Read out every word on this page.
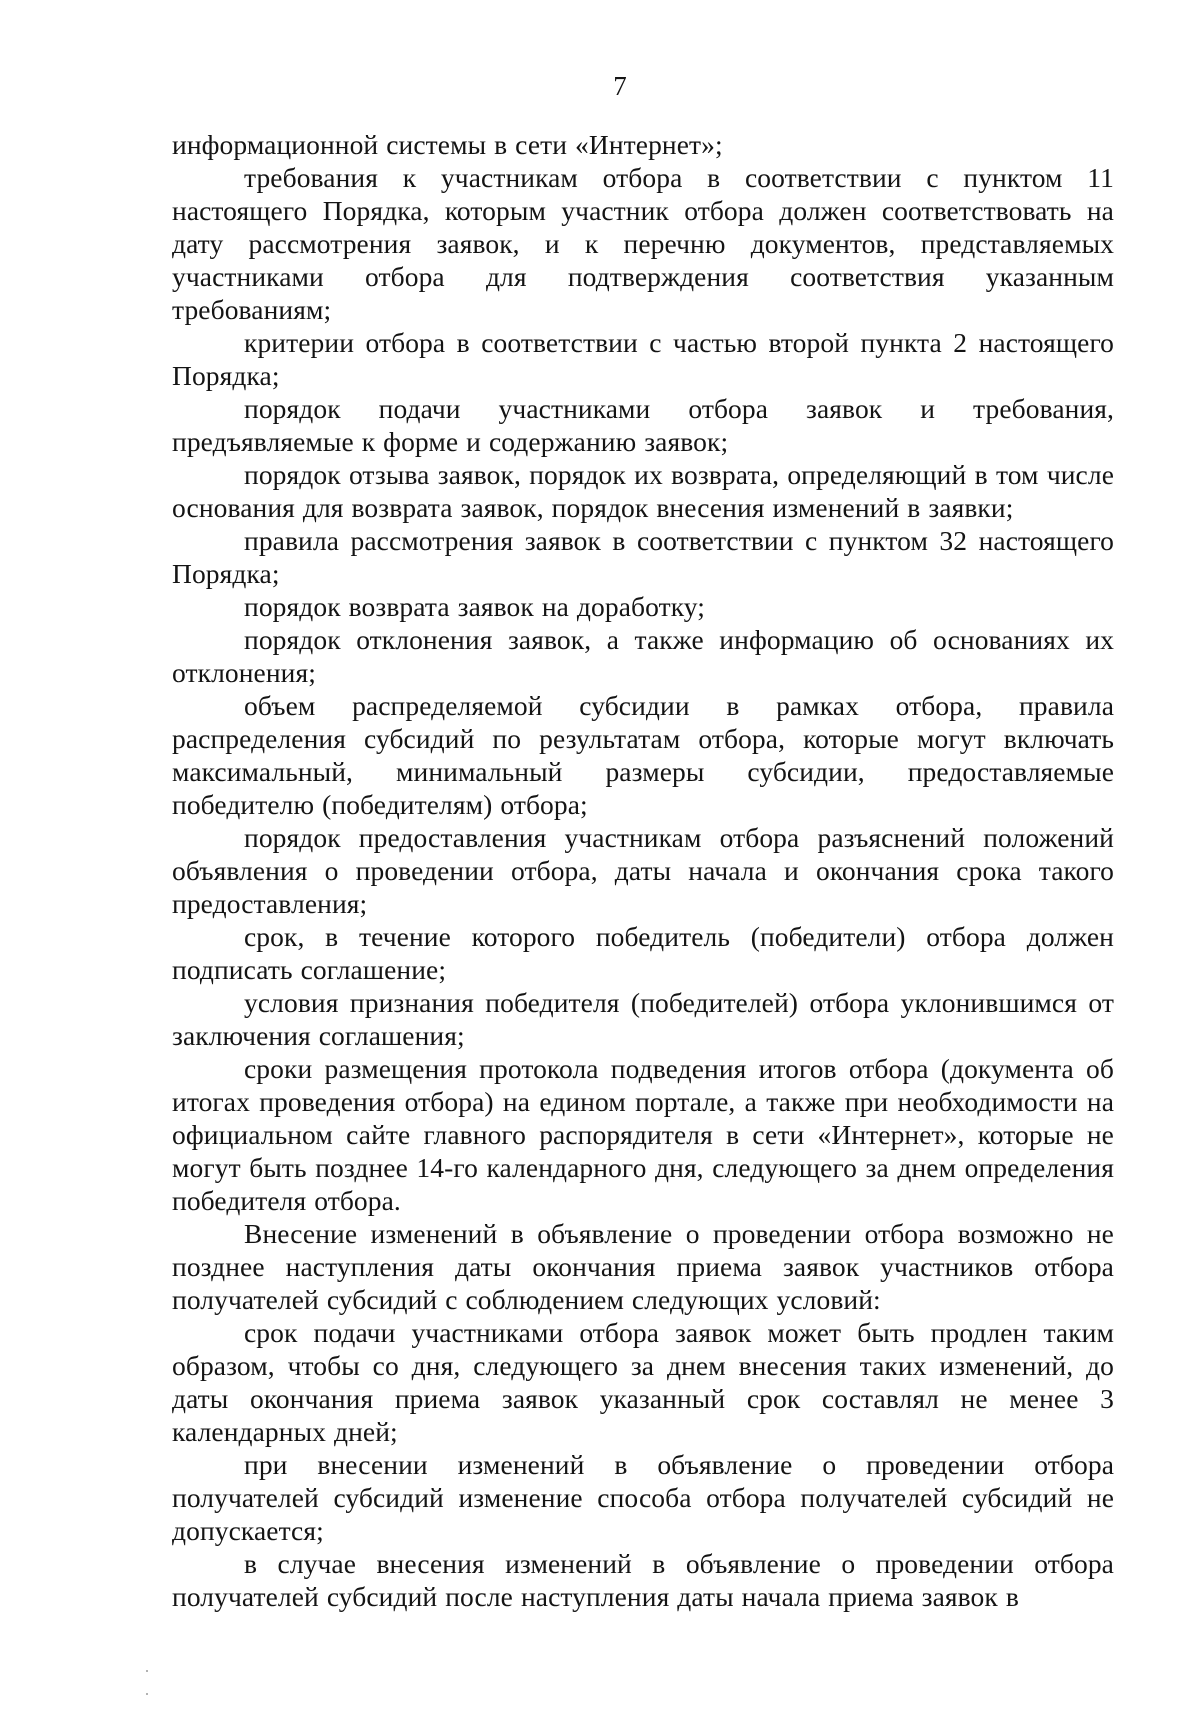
7

информационной системы в сети «Интернет»;

требования к участникам отбора в соответствии с пунктом 11 настоящего Порядка, которым участник отбора должен соответствовать на дату рассмотрения заявок, и к перечню документов, представляемых участниками отбора для подтверждения соответствия указанным требованиям;

критерии отбора в соответствии с частью второй пункта 2 настоящего Порядка;

порядок подачи участниками отбора заявок и требования, предъявляемые к форме и содержанию заявок;

порядок отзыва заявок, порядок их возврата, определяющий в том числе основания для возврата заявок, порядок внесения изменений в заявки;

правила рассмотрения заявок в соответствии с пунктом 32 настоящего Порядка;

порядок возврата заявок на доработку;

порядок отклонения заявок, а также информацию об основаниях их отклонения;

объем распределяемой субсидии в рамках отбора, правила распределения субсидий по результатам отбора, которые могут включать максимальный, минимальный размеры субсидии, предоставляемые победителю (победителям) отбора;

порядок предоставления участникам отбора разъяснений положений объявления о проведении отбора, даты начала и окончания срока такого предоставления;

срок, в течение которого победитель (победители) отбора должен подписать соглашение;

условия признания победителя (победителей) отбора уклонившимся от заключения соглашения;

сроки размещения протокола подведения итогов отбора (документа об итогах проведения отбора) на едином портале, а также при необходимости на официальном сайте главного распорядителя в сети «Интернет», которые не могут быть позднее 14-го календарного дня, следующего за днем определения победителя отбора.

Внесение изменений в объявление о проведении отбора возможно не позднее наступления даты окончания приема заявок участников отбора получателей субсидий с соблюдением следующих условий:

срок подачи участниками отбора заявок может быть продлен таким образом, чтобы со дня, следующего за днем внесения таких изменений, до даты окончания приема заявок указанный срок составлял не менее 3 календарных дней;

при внесении изменений в объявление о проведении отбора получателей субсидий изменение способа отбора получателей субсидий не допускается;

в случае внесения изменений в объявление о проведении отбора получателей субсидий после наступления даты начала приема заявок в
